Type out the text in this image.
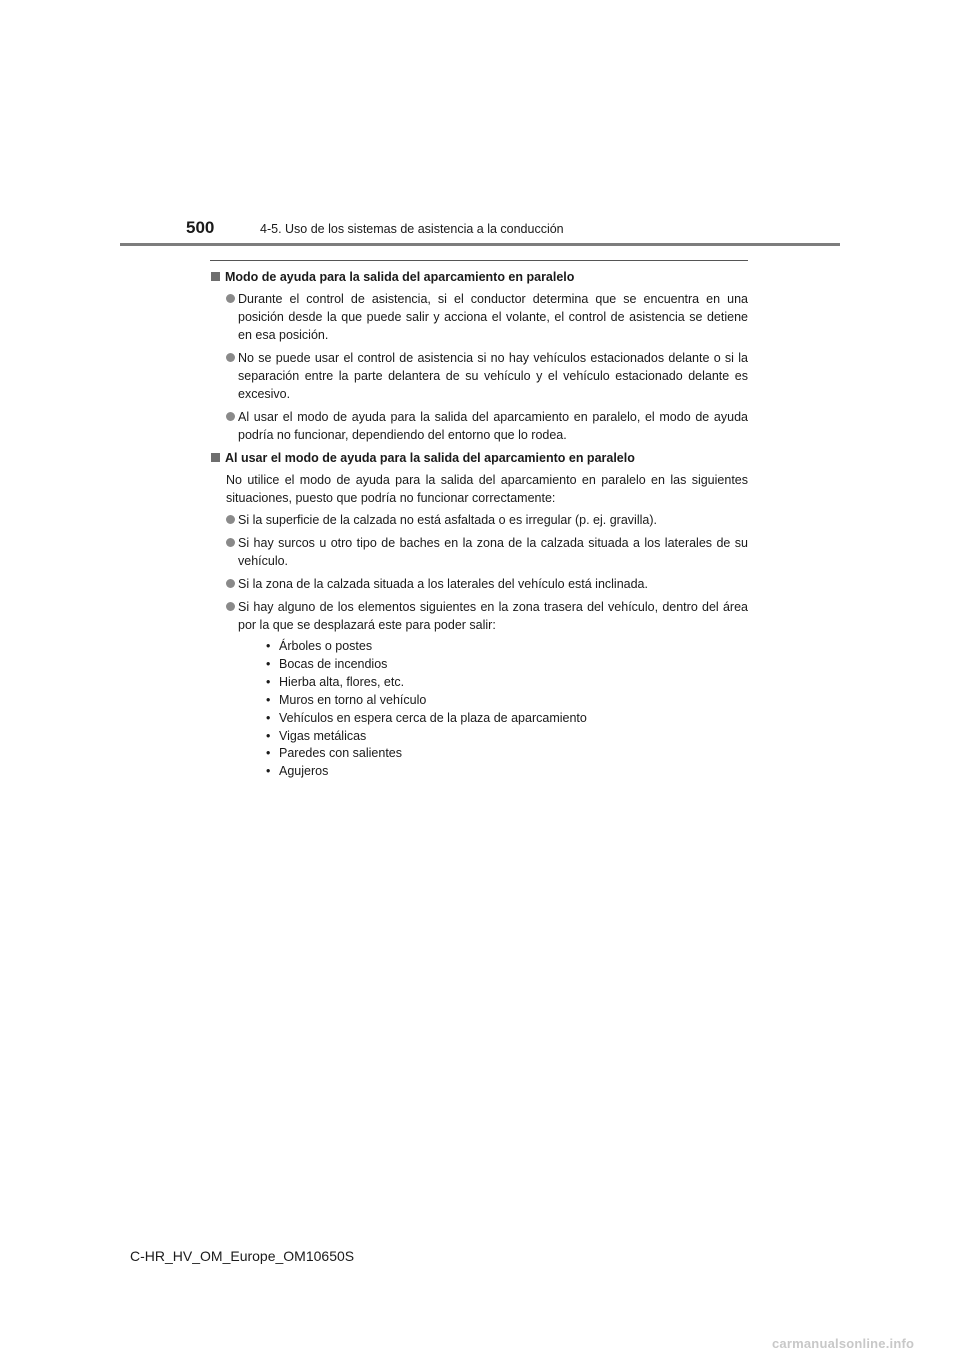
500	4-5. Uso de los sistemas de asistencia a la conducción
Modo de ayuda para la salida del aparcamiento en paralelo
Durante el control de asistencia, si el conductor determina que se encuentra en una posición desde la que puede salir y acciona el volante, el control de asistencia se detiene en esa posición.
No se puede usar el control de asistencia si no hay vehículos estacionados delante o si la separación entre la parte delantera de su vehículo y el vehículo estacionado delante es excesivo.
Al usar el modo de ayuda para la salida del aparcamiento en paralelo, el modo de ayuda podría no funcionar, dependiendo del entorno que lo rodea.
Al usar el modo de ayuda para la salida del aparcamiento en paralelo
No utilice el modo de ayuda para la salida del aparcamiento en paralelo en las siguientes situaciones, puesto que podría no funcionar correctamente:
Si la superficie de la calzada no está asfaltada o es irregular (p. ej. gravilla).
Si hay surcos u otro tipo de baches en la zona de la calzada situada a los laterales de su vehículo.
Si la zona de la calzada situada a los laterales del vehículo está inclinada.
Si hay alguno de los elementos siguientes en la zona trasera del vehículo, dentro del área por la que se desplazará este para poder salir:
• Árboles o postes
• Bocas de incendios
• Hierba alta, flores, etc.
• Muros en torno al vehículo
• Vehículos en espera cerca de la plaza de aparcamiento
• Vigas metálicas
• Paredes con salientes
• Agujeros
C-HR_HV_OM_Europe_OM10650S
carmanualsonline.info
